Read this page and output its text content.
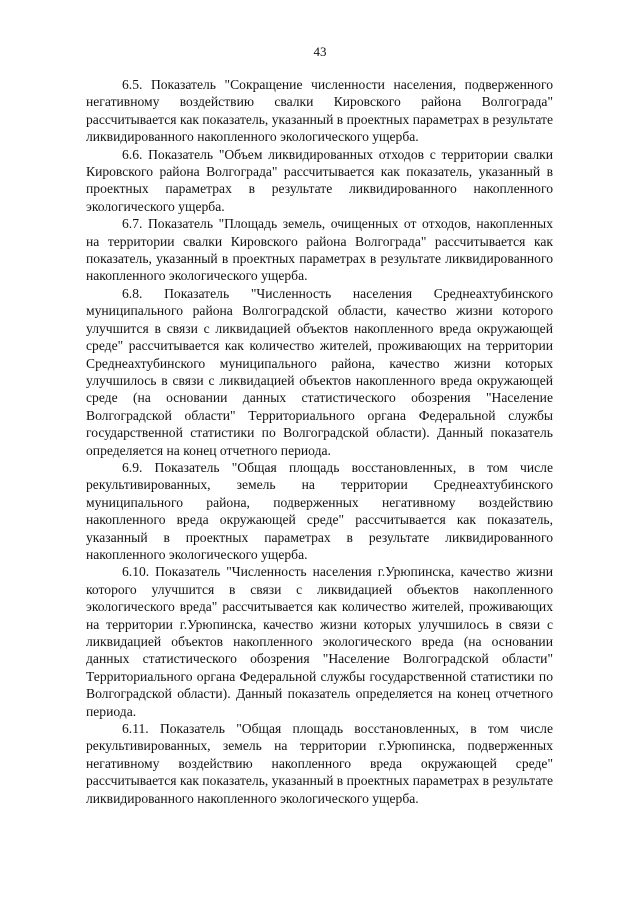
43

6.5. Показатель "Сокращение численности населения, подверженного негативному воздействию свалки Кировского района Волгограда" рассчитывается как показатель, указанный в проектных параметрах в результате ликвидированного накопленного экологического ущерба.

6.6. Показатель "Объем ликвидированных отходов с территории свалки Кировского района Волгограда" рассчитывается как показатель, указанный в проектных параметрах в результате ликвидированного накопленного экологического ущерба.

6.7. Показатель "Площадь земель, очищенных от отходов, накопленных на территории свалки Кировского района Волгограда" рассчитывается как показатель, указанный в проектных параметрах в результате ликвидированного накопленного экологического ущерба.

6.8. Показатель "Численность населения Среднеахтубинского муниципального района Волгоградской области, качество жизни которого улучшится в связи с ликвидацией объектов накопленного вреда окружающей среде" рассчитывается как количество жителей, проживающих на территории Среднеахтубинского муниципального района, качество жизни которых улучшилось в связи с ликвидацией объектов накопленного вреда окружающей среде (на основании данных статистического обозрения "Население Волгоградской области" Территориального органа Федеральной службы государственной статистики по Волгоградской области). Данный показатель определяется на конец отчетного периода.

6.9. Показатель "Общая площадь восстановленных, в том числе рекультивированных, земель на территории Среднеахтубинского муниципального района, подверженных негативному воздействию накопленного вреда окружающей среде" рассчитывается как показатель, указанный в проектных параметрах в результате ликвидированного накопленного экологического ущерба.

6.10. Показатель "Численность населения г.Урюпинска, качество жизни которого улучшится в связи с ликвидацией объектов накопленного экологического вреда" рассчитывается как количество жителей, проживающих на территории г.Урюпинска, качество жизни которых улучшилось в связи с ликвидацией объектов накопленного экологического вреда (на основании данных статистического обозрения "Население Волгоградской области" Территориального органа Федеральной службы государственной статистики по Волгоградской области). Данный показатель определяется на конец отчетного периода.

6.11. Показатель "Общая площадь восстановленных, в том числе рекультивированных, земель на территории г.Урюпинска, подверженных негативному воздействию накопленного вреда окружающей среде" рассчитывается как показатель, указанный в проектных параметрах в результате ликвидированного накопленного экологического ущерба.
